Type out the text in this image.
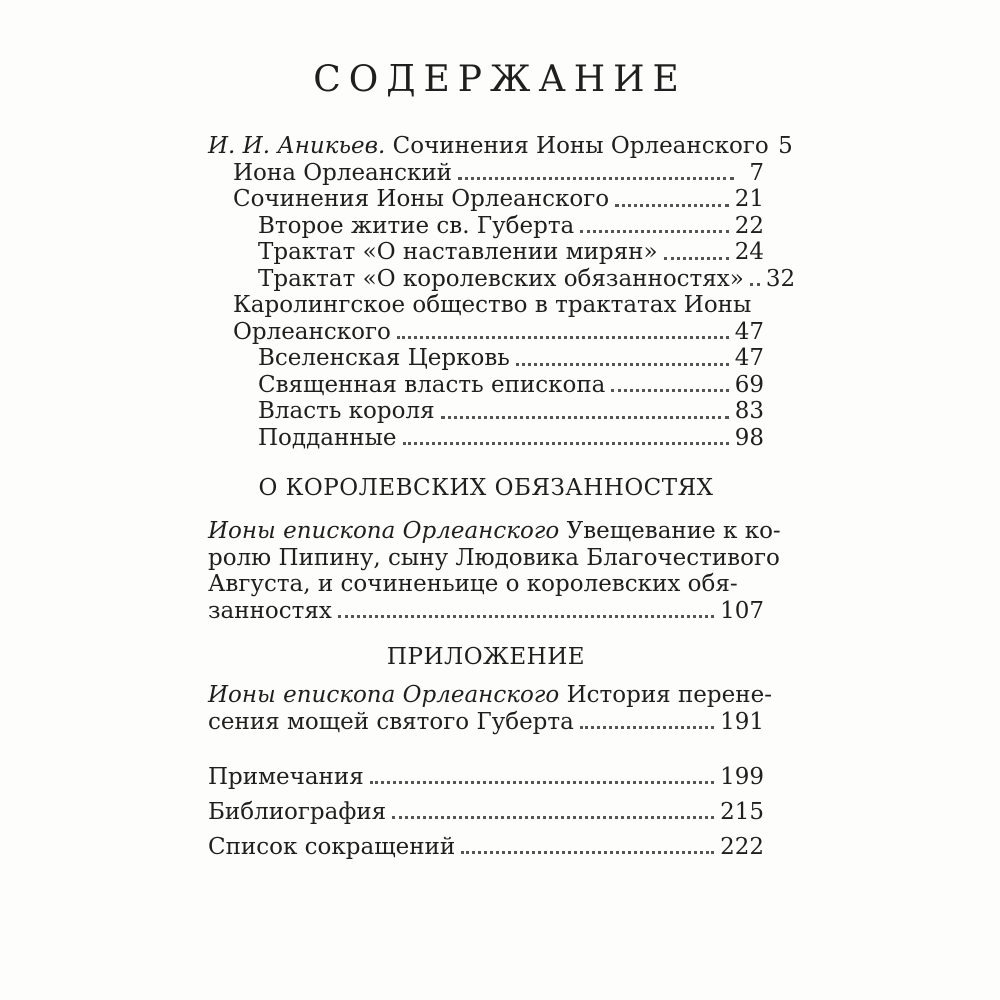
СОДЕРЖАНИЕ
И. И. Аникьев. Сочинения Ионы Орлеанского 5
Иона Орлеанский	7
Сочинения Ионы Орлеанского	21
Второе житие св. Губерта	22
Трактат «О наставлении мирян»	24
Трактат «О королевских обязанностях» 32
Каролингское общество в трактатах Ионы
Орлеанского	47
Вселенская Церковь	47
Священная власть епископа	69
Власть короля	83
Подданные	98
О КОРОЛЕВСКИХ ОБЯЗАННОСТЯХ
Ионы епископа Орлеанского Увещевание к ко-
ролю Пипину, сыну Людовика Благочестивого
Августа, и сочиненьице о королевских обя-
занностях	107
ПРИЛОЖЕНИЕ
Ионы епископа Орлеанского История перене-
сения мощей святого Губерта	191
Примечания	199
Библиография	215
Список сокращений	222
